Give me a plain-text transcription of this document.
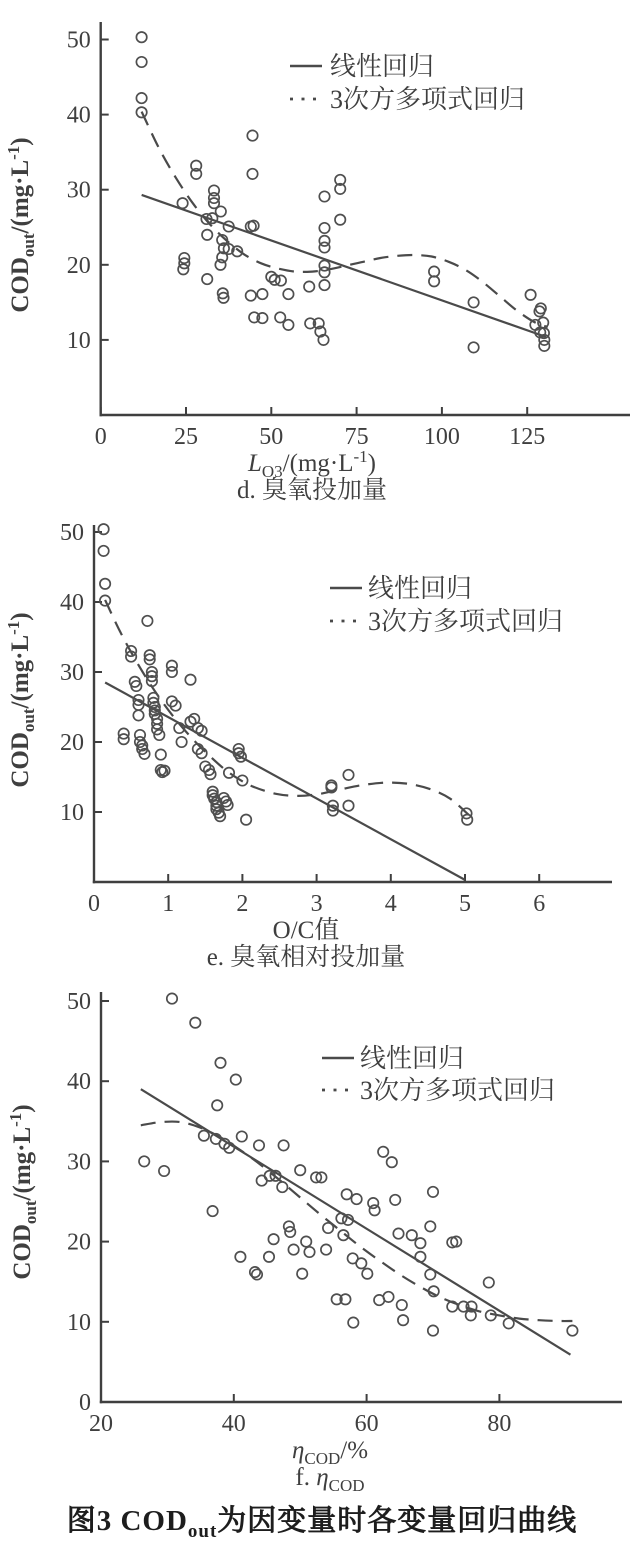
0	25	50	75 100 125
10
20
30
40
50
线性回归
3次方多项式回归
$L_{O3}/(mg\cdot L^{-1})$
d. 臭氧投加量
$COD_{out}/(mg\cdot L^{-1})$
0	1	2	3	4	5	6
10
20
30
40
50
线性回归
3次方多项式回归
O/C值
e. 臭氧相对投加量
$COD_{out}/(mg\cdot L^{-1})$
20	40	60	80
0
10
20
30
40
50
线性回归
3次方多项式回归
$\eta_{COD}/\%$
f. $\eta_{COD}$
$COD_{out}/(mg\cdot L^{-1})$
图3 $COD_{out}$为因变量时各变量回归曲线
